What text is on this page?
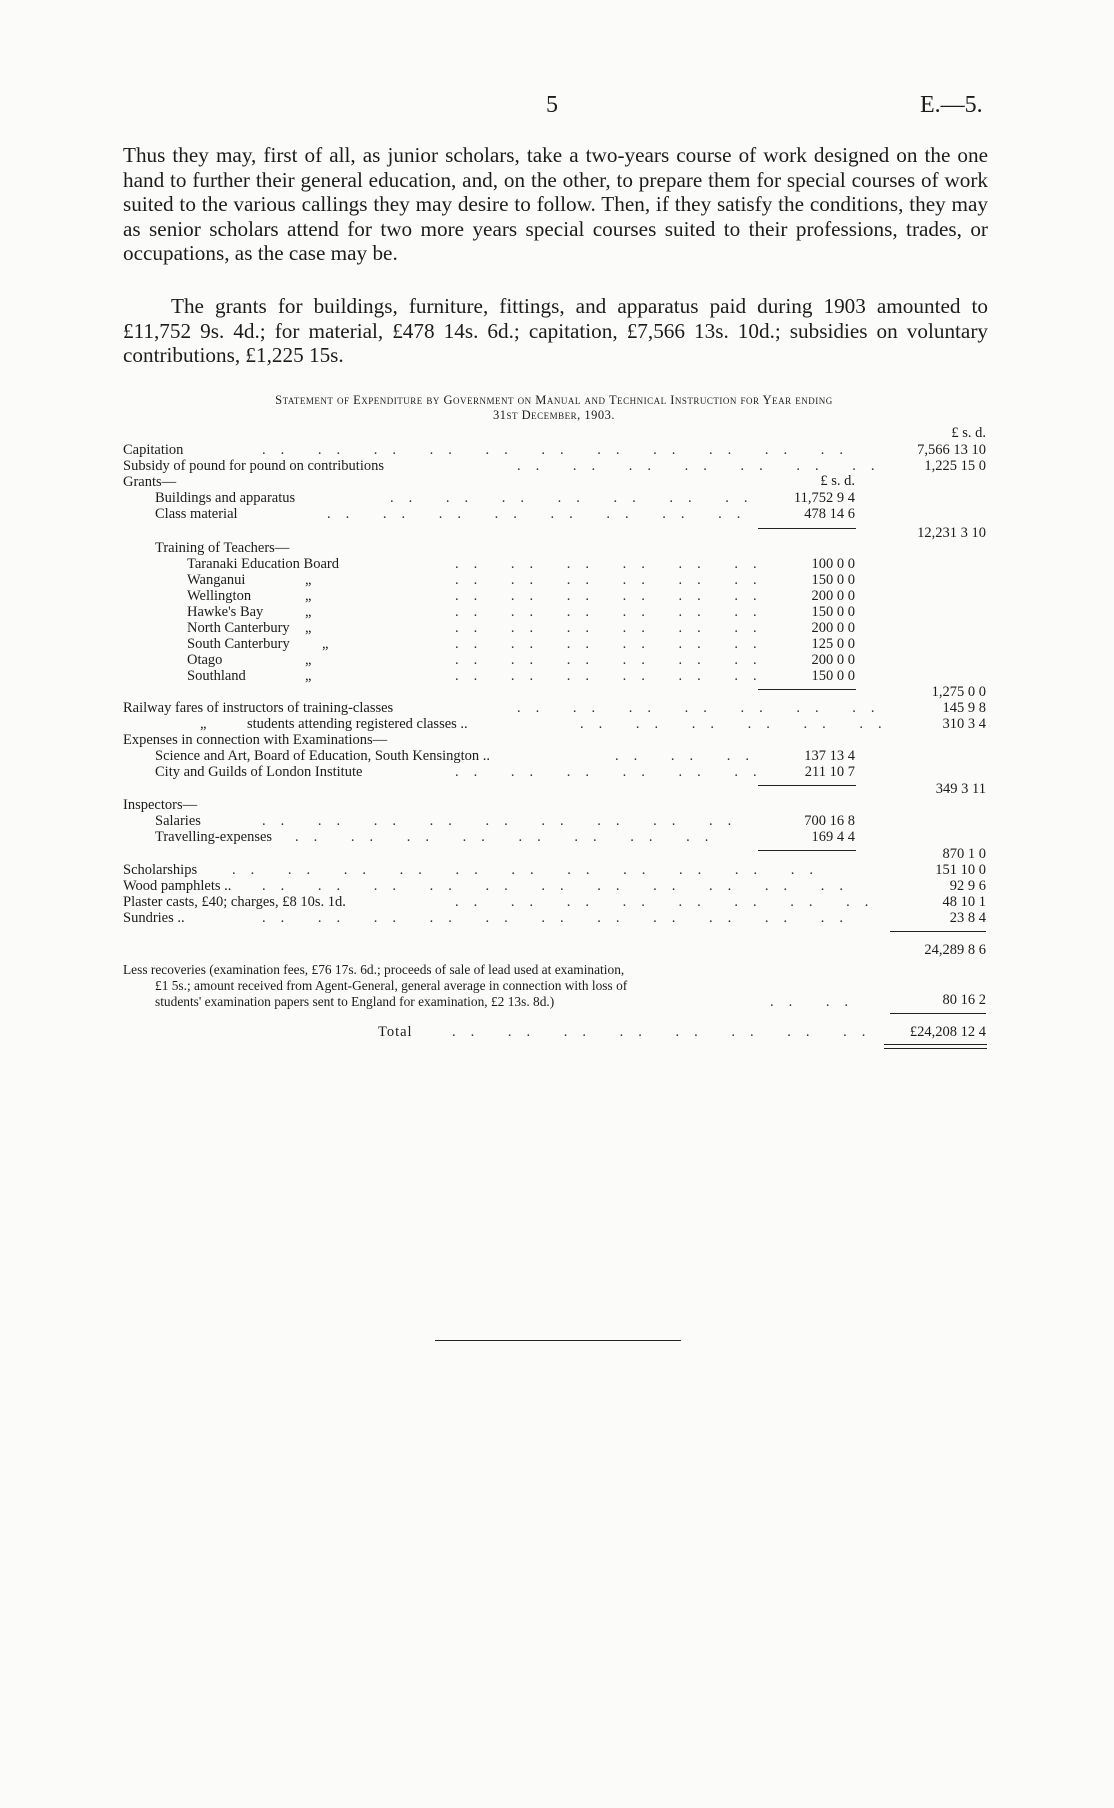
5	E.—5.

Thus they may, first of all, as junior scholars, take a two-years course of work designed on the one hand to further their general education, and, on the other, to prepare them for special courses of work suited to the various callings they may desire to follow. Then, if they satisfy the conditions, they may as senior scholars attend for two more years special courses suited to their professions, trades, or occupations, as the case may be.

The grants for buildings, furniture, fittings, and apparatus paid during 1903 amounted to £11,752 9s. 4d.; for material, £478 14s. 6d.; capitation, £7,566 13s. 10d.; subsidies on voluntary contributions, £1,225 15s.

Statement of Expenditure by Government on Manual and Technical Instruction for Year ending
31st December, 1903.
£ s. d.
£ s. d.
Capitation	.. .. .. .. .. .. .. .. .. .. ..	7,566 13 10
Subsidy of pound for pound on contributions	.. .. .. .. .. .. ..	1,225 15 0
Grants—
Buildings and apparatus	.. .. .. .. .. .. ..	11,752 9 4
Class material	.. .. .. .. .. .. .. ..	478 14 6
12,231 3 10
Training of Teachers—
Taranaki Education Board	.. .. .. .. .. ..	100 0 0
Wanganui	„	.. .. .. .. .. ..	150 0 0
Wellington	„	.. .. .. .. .. ..	200 0 0
Hawke's Bay	„	.. .. .. .. .. ..	150 0 0
North Canterbury „	.. .. .. .. .. ..	200 0 0
South Canterbury „	.. .. .. .. .. ..	125 0 0
Otago	„	.. .. .. .. .. ..	200 0 0
Southland	„	.. .. .. .. .. ..	150 0 0
1,275 0 0
Railway fares of instructors of training-classes	.. .. .. .. .. .. ..	145 9 8
„	students attending registered classes ..	.. .. .. .. .. ..	310 3 4
Expenses in connection with Examinations—
Science and Art, Board of Education, South Kensington ..	.. .. ..	137 13 4
City and Guilds of London Institute	.. .. .. .. .. ..	211 10 7
349 3 11
Inspectors—
Salaries	.. .. .. .. .. .. .. .. ..	700 16 8
Travelling-expenses .. .. .. .. .. .. .. ..	169 4 4
870 1 0
Scholarships .. .. .. .. .. .. .. .. .. .. ..	151 10 0
Wood pamphlets .. .. .. .. .. .. .. .. .. .. .. ..	92 9 6
Plaster casts, £40; charges, £8 10s. 1d.	.. .. .. .. .. .. .. ..	48 10 1
Sundries ..	.. .. .. .. .. .. .. .. .. .. ..	23 8 4
24,289 8 6
Less recoveries (examination fees, £76 17s. 6d.; proceeds of sale of lead used at examination,
£1 5s.; amount received from Agent-General, general average in connection with loss of
students' examination papers sent to England for examination, £2 13s. 8d.)	.. ..	80 16 2
Total	.. .. .. .. .. .. .. ..	£24,208 12 4
